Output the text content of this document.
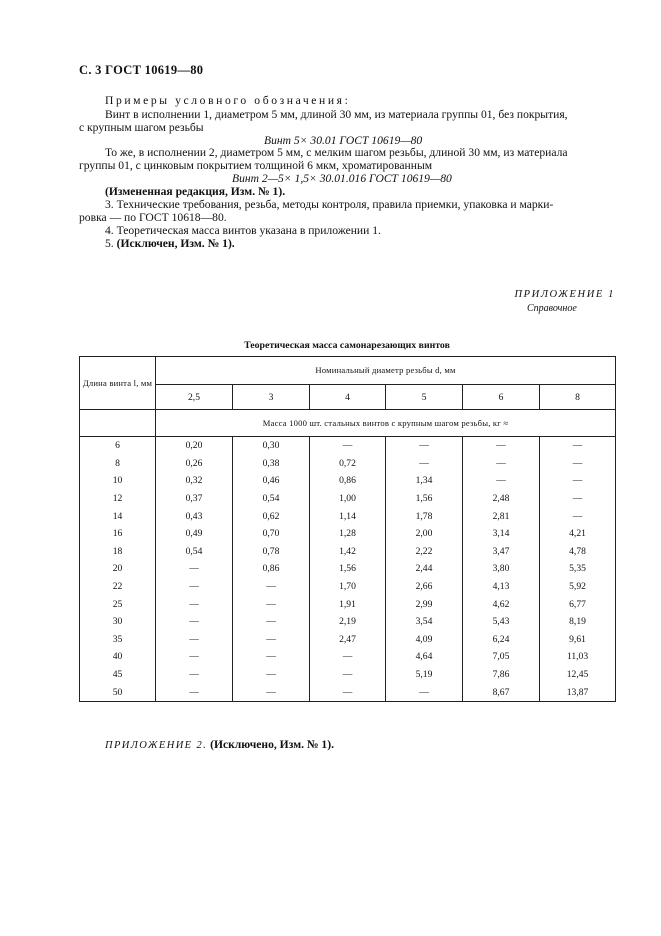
С. 3 ГОСТ 10619—80
Примеры условного обозначения:
Винт в исполнении 1, диаметром 5 мм, длиной 30 мм, из материала группы 01, без покрытия,
с крупным шагом резьбы
Винт 5× 30.01 ГОСТ 10619—80
То же, в исполнении 2, диаметром 5 мм, с мелким шагом резьбы, длиной 30 мм, из материала
группы 01, с цинковым покрытием толщиной 6 мкм, хроматированным
Винт 2—5× 1,5× 30.01.016 ГОСТ 10619—80
(Измененная редакция, Изм. № 1).
3. Технические требования, резьба, методы контроля, правила приемки, упаковка и марки-
ровка — по ГОСТ 10618—80.
4. Теоретическая масса винтов указана в приложении 1.
5. (Исключен, Изм. № 1).
ПРИЛОЖЕНИЕ 1
Справочное
Теоретическая масса самонарезающих винтов
Длина винта l, мм	Номинальный диаметр резьбы d, мм					
	2,5	3	4	5	6	8
	Масса 1000 шт. стальных винтов с крупным шагом резьбы, кг ≈					
6	0,20	0,30	—	—	—	—
8	0,26	0,38	0,72	—	—	—
10	0,32	0,46	0,86	1,34	—	—
12	0,37	0,54	1,00	1,56	2,48	—
14	0,43	0,62	1,14	1,78	2,81	—
16	0,49	0,70	1,28	2,00	3,14	4,21
18	0,54	0,78	1,42	2,22	3,47	4,78
20	—	0,86	1,56	2,44	3,80	5,35
22	—	—	1,70	2,66	4,13	5,92
25	—	—	1,91	2,99	4,62	6,77
30	—	—	2,19	3,54	5,43	8,19
35	—	—	2,47	4,09	6,24	9,61
40	—	—	—	4,64	7,05	11,03
45	—	—	—	5,19	7,86	12,45
50	—	—	—	—	8,67	13,87
ПРИЛОЖЕНИЕ 2. (Исключено, Изм. № 1).
